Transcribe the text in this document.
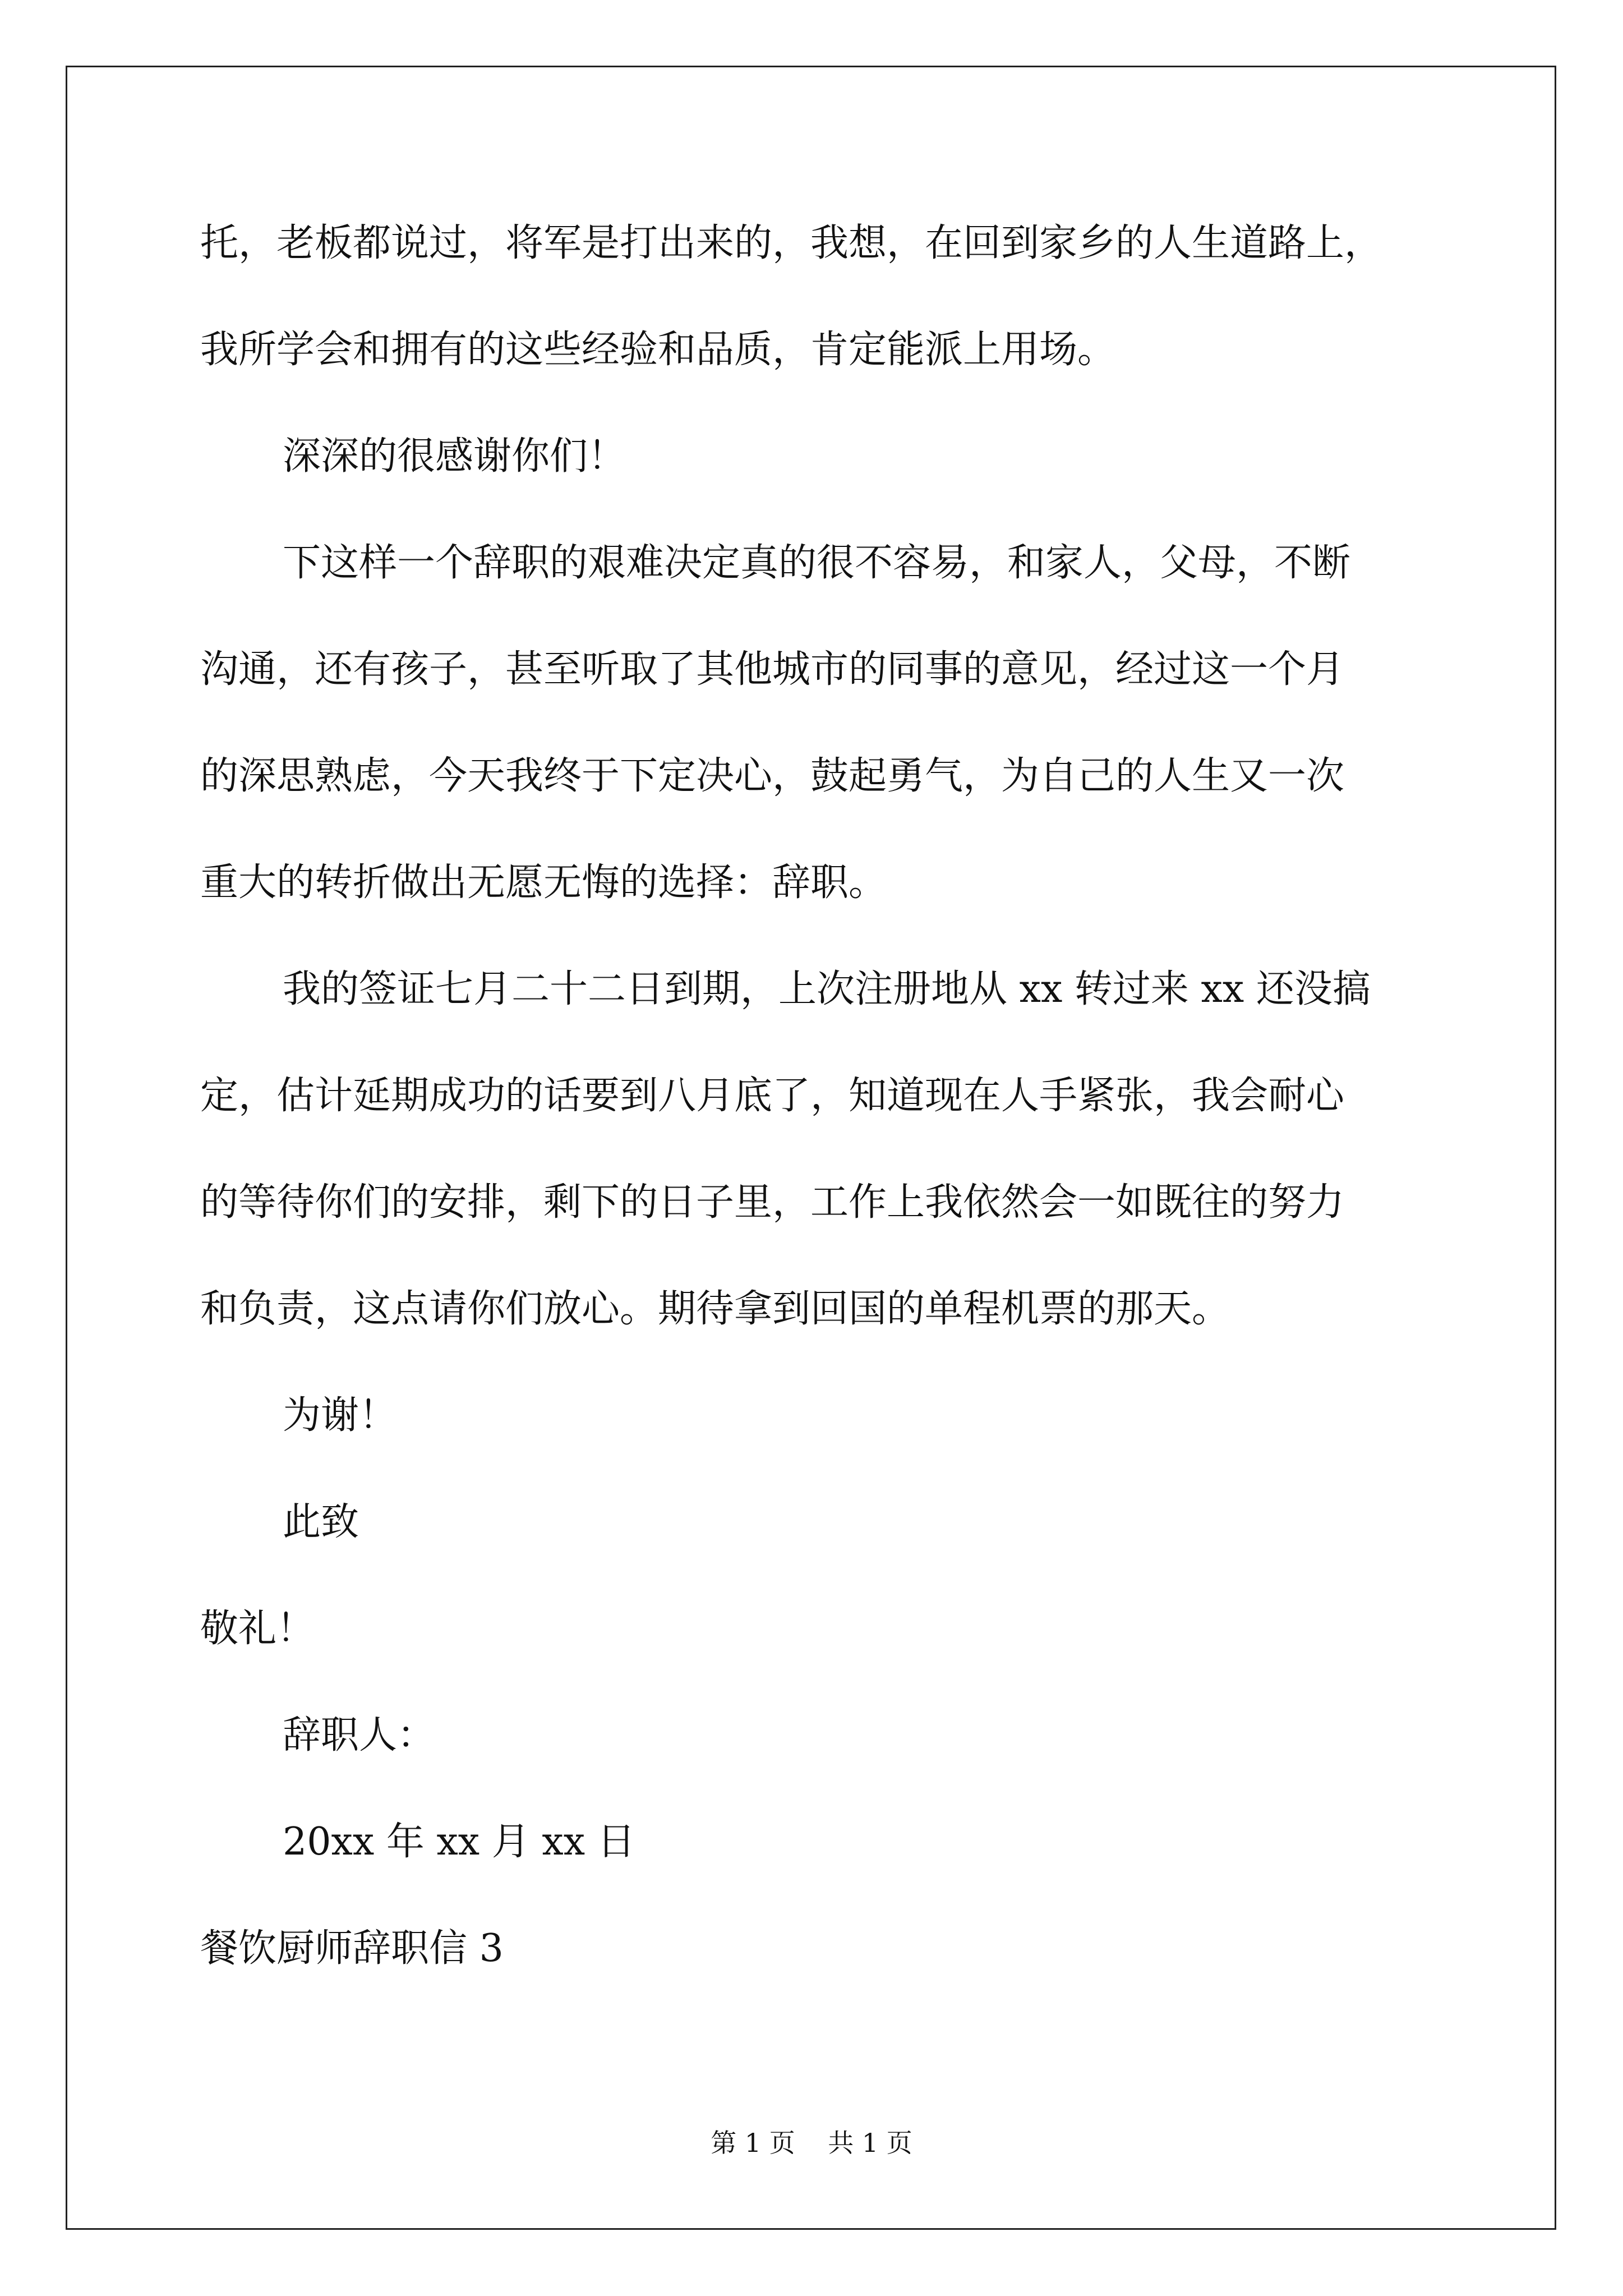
托，老板都说过，将军是打出来的，我想，在回到家乡的人生道路上，
我所学会和拥有的这些经验和品质，肯定能派上用场。
深深的很感谢你们！
下这样一个辞职的艰难决定真的很不容易，和家人，父母，不断
沟通，还有孩子，甚至听取了其他城市的同事的意见，经过这一个月
的深思熟虑，今天我终于下定决心，鼓起勇气，为自己的人生又一次
重大的转折做出无愿无悔的选择：辞职。
我的签证七月二十二日到期，上次注册地从 xx 转过来 xx 还没搞
定，估计延期成功的话要到八月底了，知道现在人手紧张，我会耐心
的等待你们的安排，剩下的日子里，工作上我依然会一如既往的努力
和负责，这点请你们放心。期待拿到回国的单程机票的那天。
为谢！
此致
敬礼！
辞职人：
20xx 年 xx 月 xx 日
餐饮厨师辞职信 3
第 1 页    共 1 页
